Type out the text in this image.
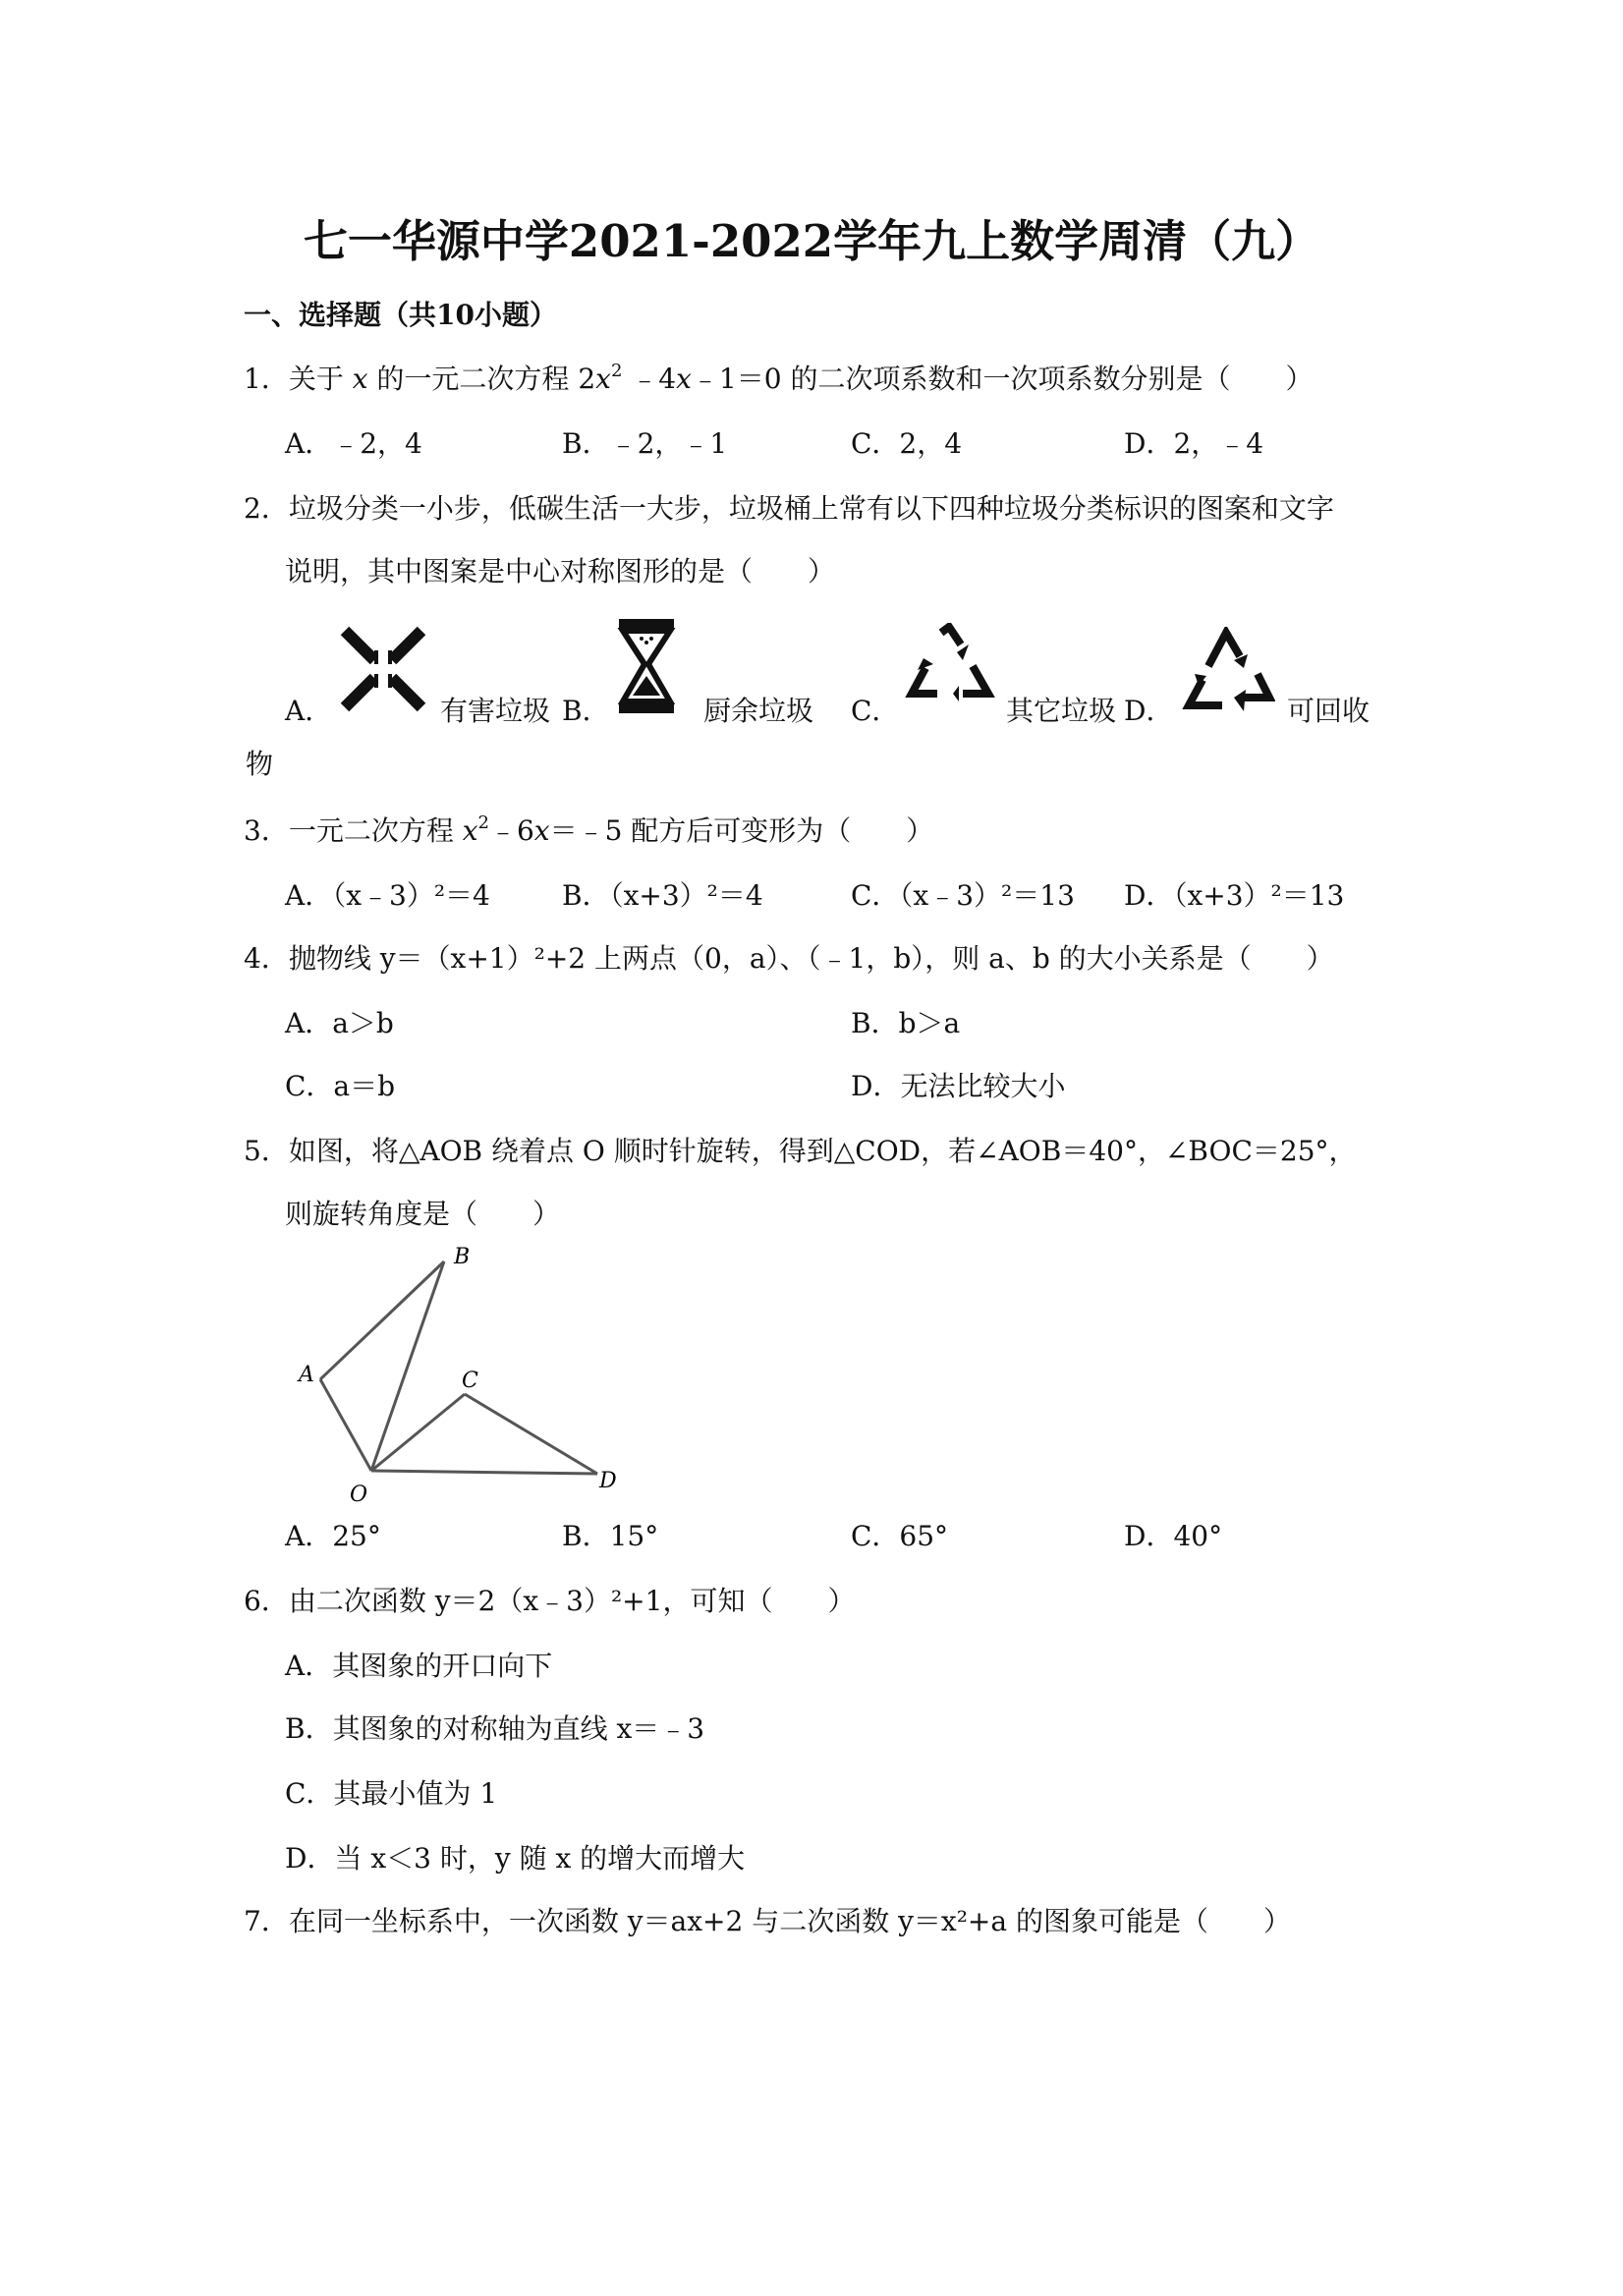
七一华源中学2021-2022学年九上数学周清（九）
一、选择题（共10小题）
1．关于 x 的一元二次方程 $2x^2$ ﹣4x﹣1＝0 的二次项系数和一次项系数分别是（　　）
A．﹣2，4	B．﹣2，﹣1	C．2，4	D．2，﹣4
2．垃圾分类一小步，低碳生活一大步，垃圾桶上常有以下四种垃圾分类标识的图案和文字
说明，其中图案是中心对称图形的是（　　）
A．	有害垃圾 B．	厨余垃圾 C．	其它垃圾 D．	可回收
物
3．一元二次方程 $x^2﹣6x=﹣5$ 配方后可变形为（　　）
A．（x﹣3）²＝4	B．（x+3）²＝4	C．（x﹣3）²＝13 D．（x+3）²＝13
4．抛物线 y＝（x+1）²+2 上两点（0，a）、（﹣1，b），则 a、b 的大小关系是（　　）
A．a＞b	B．b＞a
C．a＝b	D．无法比较大小
5．如图，将△AOB 绕着点 O 顺时针旋转，得到△COD，若∠AOB＝40°，∠BOC＝25°，
则旋转角度是（　　）
A
B
C
D
O
A．25°	B．15°	C．65°	D．40°
6．由二次函数 y＝2（x﹣3）²+1，可知（　　）
A．其图象的开口向下
B．其图象的对称轴为直线 x＝﹣3
C．其最小值为 1
D．当 x＜3 时，y 随 x 的增大而增大
7．在同一坐标系中，一次函数 y＝ax+2 与二次函数 y＝x²+a 的图象可能是（　　）
